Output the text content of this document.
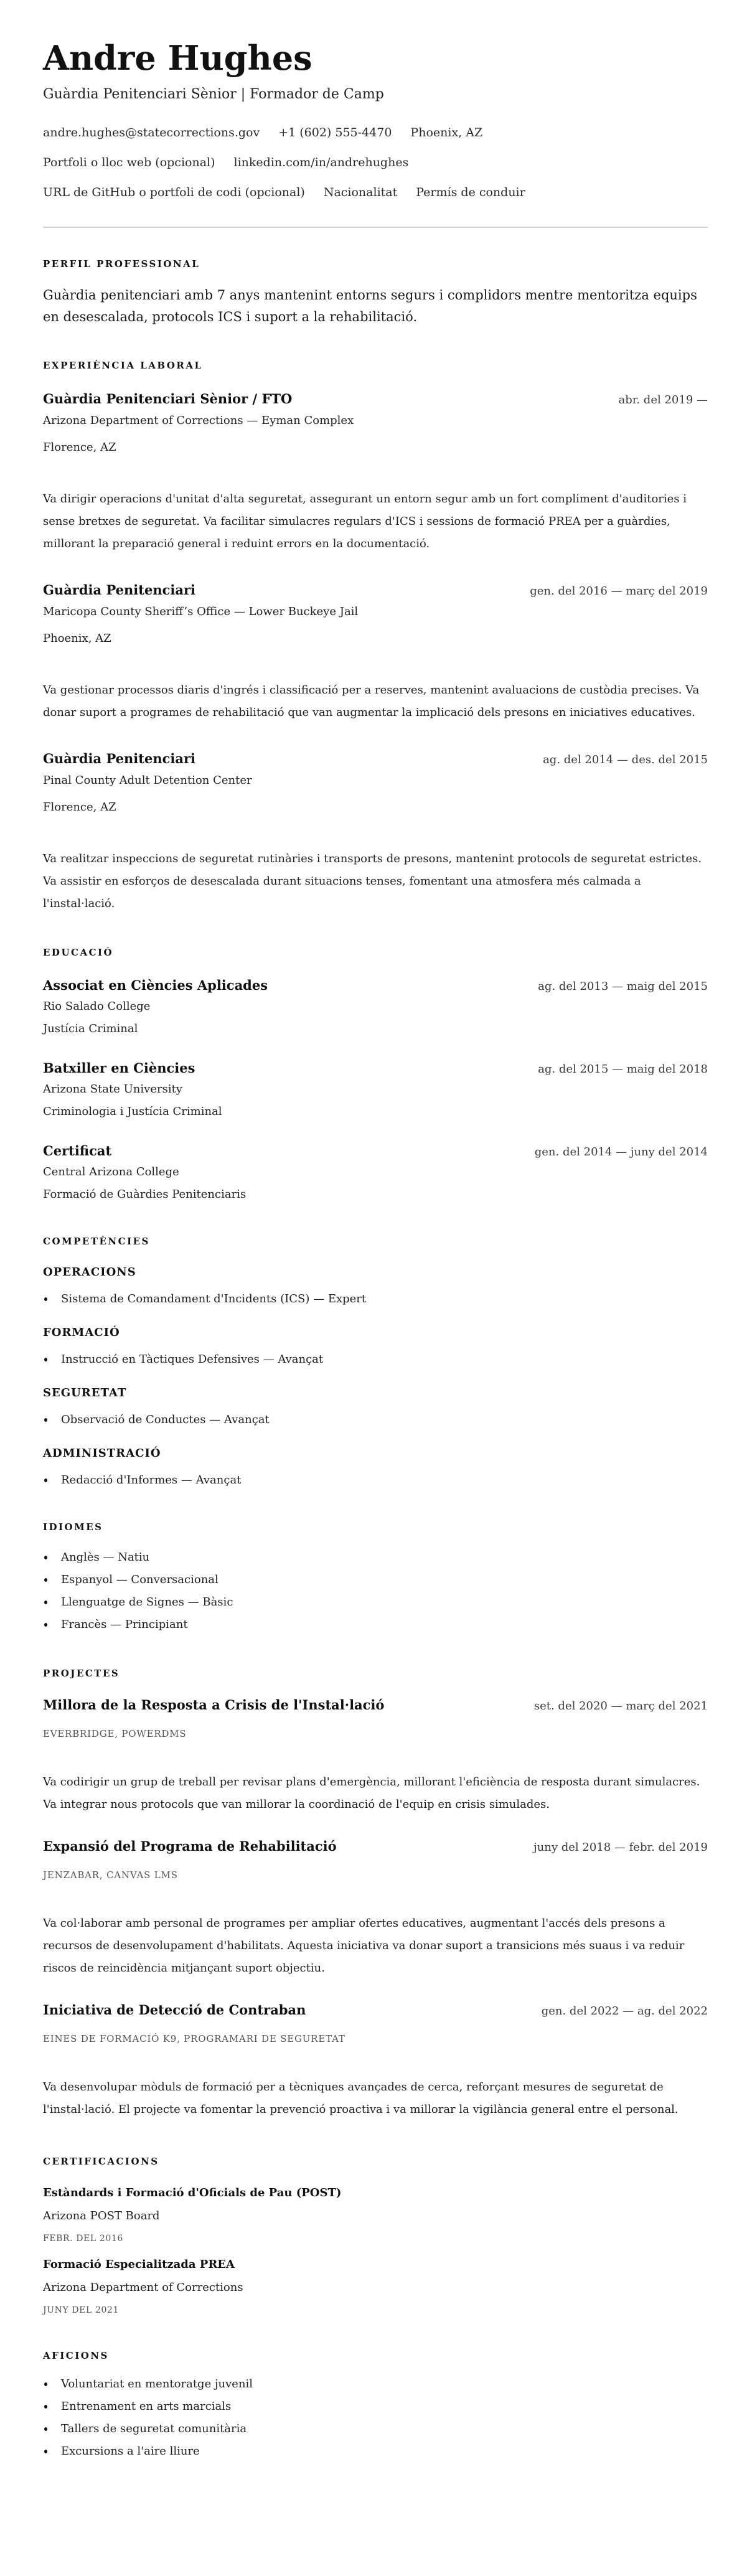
Andre Hughes
Guàrdia Penitenciari Sènior | Formador de Camp
andre.hughes@statecorrections.gov +1 (602) 555-4470 Phoenix, AZ
Portfoli o lloc web (opcional) linkedin.com/in/andrehughes
URL de GitHub o portfoli de codi (opcional) Nacionalitat Permís de conduir
PERFIL PROFESSIONAL
Guàrdia penitenciari amb 7 anys mantenint entorns segurs i complidors mentre mentoritza equips en desescalada, protocols ICS i suport a la rehabilitació.
EXPERIÈNCIA LABORAL
Guàrdia Penitenciari Sènior / FTO	abr. del 2019 —
Arizona Department of Corrections — Eyman Complex
Florence, AZ
Va dirigir operacions d'unitat d'alta seguretat, assegurant un entorn segur amb un fort compliment d'auditories i sense bretxes de seguretat. Va facilitar simulacres regulars d'ICS i sessions de formació PREA per a guàrdies, millorant la preparació general i reduint errors en la documentació.
Guàrdia Penitenciari	gen. del 2016 — març del 2019
Maricopa County Sheriff’s Office — Lower Buckeye Jail
Phoenix, AZ
Va gestionar processos diaris d'ingrés i classificació per a reserves, mantenint avaluacions de custòdia precises. Va donar suport a programes de rehabilitació que van augmentar la implicació dels presons en iniciatives educatives.
Guàrdia Penitenciari	ag. del 2014 — des. del 2015
Pinal County Adult Detention Center
Florence, AZ
Va realitzar inspeccions de seguretat rutinàries i transports de presons, mantenint protocols de seguretat estrictes. Va assistir en esforços de desescalada durant situacions tenses, fomentant una atmosfera més calmada a l'instal·lació.
EDUCACIÓ
Associat en Ciències Aplicades	ag. del 2013 — maig del 2015
Rio Salado College
Justícia Criminal
Batxiller en Ciències	ag. del 2015 — maig del 2018
Arizona State University
Criminologia i Justícia Criminal
Certificat	gen. del 2014 — juny del 2014
Central Arizona College
Formació de Guàrdies Penitenciaris
COMPETÈNCIES
OPERACIONS
Sistema de Comandament d'Incidents (ICS) — Expert
FORMACIÓ
Instrucció en Tàctiques Defensives — Avançat
SEGURETAT
Observació de Conductes — Avançat
ADMINISTRACIÓ
Redacció d'Informes — Avançat
IDIOMES
Anglès — Natiu
Espanyol — Conversacional
Llenguatge de Signes — Bàsic
Francès — Principiant
PROJECTES
Millora de la Resposta a Crisis de l'Instal·lació	set. del 2020 — març del 2021
EVERBRIDGE, POWERDMS
Va codirigir un grup de treball per revisar plans d'emergència, millorant l'eficiència de resposta durant simulacres. Va integrar nous protocols que van millorar la coordinació de l'equip en crisis simulades.
Expansió del Programa de Rehabilitació	juny del 2018 — febr. del 2019
JENZABAR, CANVAS LMS
Va col·laborar amb personal de programes per ampliar ofertes educatives, augmentant l'accés dels presons a recursos de desenvolupament d'habilitats. Aquesta iniciativa va donar suport a transicions més suaus i va reduir riscos de reincidència mitjançant suport objectiu.
Iniciativa de Detecció de Contraban	gen. del 2022 — ag. del 2022
EINES DE FORMACIÓ K9, PROGRAMARI DE SEGURETAT
Va desenvolupar mòduls de formació per a tècniques avançades de cerca, reforçant mesures de seguretat de l'instal·lació. El projecte va fomentar la prevenció proactiva i va millorar la vigilància general entre el personal.
CERTIFICACIONS
Estàndards i Formació d'Oficials de Pau (POST)
Arizona POST Board
FEBR. DEL 2016
Formació Especialitzada PREA
Arizona Department of Corrections
JUNY DEL 2021
AFICIONS
Voluntariat en mentoratge juvenil
Entrenament en arts marcials
Tallers de seguretat comunitària
Excursions a l'aire lliure
